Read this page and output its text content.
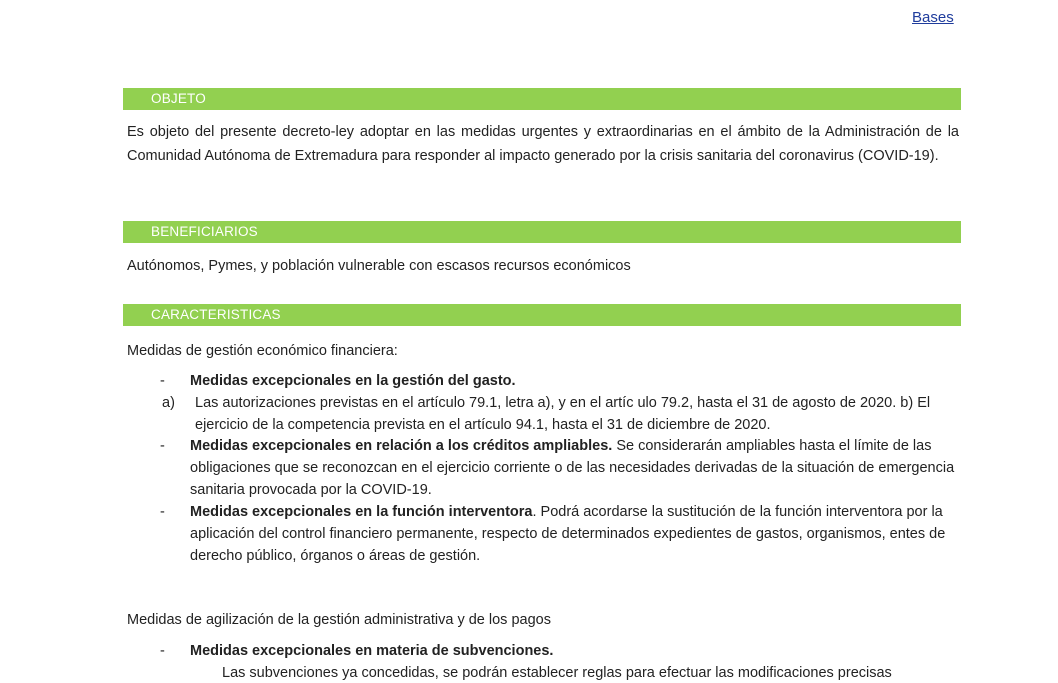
Bases
OBJETO

Es objeto del presente decreto-ley adoptar en las medidas urgentes y extraordinarias en el ámbito de la Administración de la Comunidad Autónoma de Extremadura para responder al impacto generado por la crisis sanitaria del coronavirus (COVID-19).

BENEFICIARIOS

Autónomos, Pymes, y población vulnerable con escasos recursos económicos

CARACTERISTICAS

Medidas de gestión económico financiera:

- Medidas excepcionales en la gestión del gasto.

a) Las autorizaciones previstas en el artículo 79.1, letra a), y en el artíc ulo 79.2, hasta el 31 de agosto de 2020. b) El ejercicio de la competencia prevista en el artículo 94.1, hasta el 31 de diciembre de 2020.

- Medidas excepcionales en relación a los créditos ampliables. Se considerarán ampliables hasta el límite de las obligaciones que se reconozcan en el ejercicio corriente o de las necesidades derivadas de la situación de emergencia sanitaria provocada por la COVID-19.

- Medidas excepcionales en la función interventora. Podrá acordarse la sustitución de la función interventora por la aplicación del control financiero permanente, respecto de determinados expedientes de gastos, organismos, entes de derecho público, órganos o áreas de gestión.

Medidas de agilización de la gestión administrativa y de los pagos

- Medidas excepcionales en materia de subvenciones.

Las subvenciones ya concedidas, se podrán establecer reglas para efectuar las modificaciones precisas
